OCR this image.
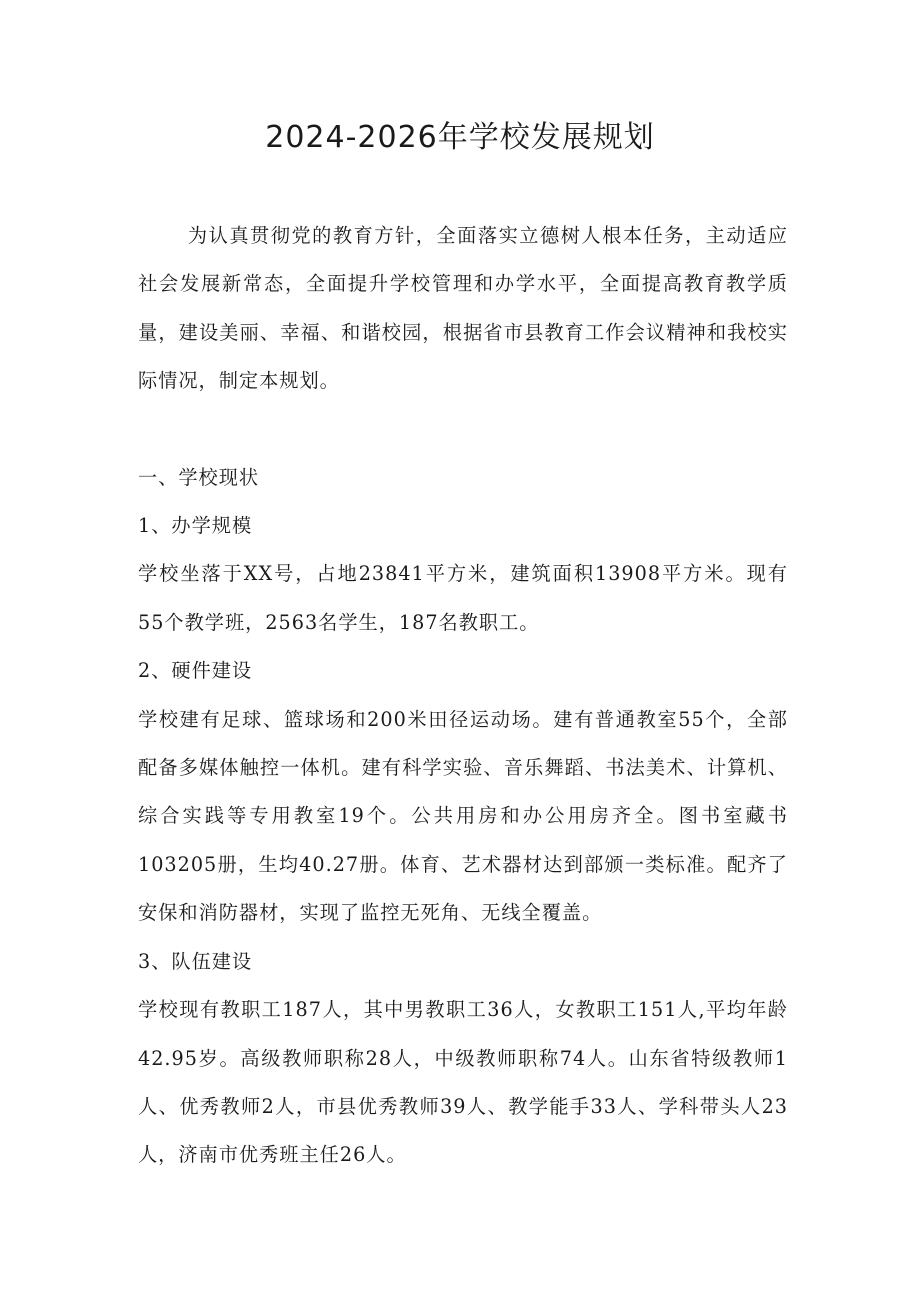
2024-2026年学校发展规划

为认真贯彻党的教育方针，全面落实立德树人根本任务，主动适应社会发展新常态，全面提升学校管理和办学水平，全面提高教育教学质量，建设美丽、幸福、和谐校园，根据省市县教育工作会议精神和我校实际情况，制定本规划。

一、学校现状

1、办学规模

学校坐落于XX号，占地23841平方米，建筑面积13908平方米。现有55个教学班，2563名学生，187名教职工。

2、硬件建设

学校建有足球、篮球场和200米田径运动场。建有普通教室55个，全部配备多媒体触控一体机。建有科学实验、音乐舞蹈、书法美术、计算机、综合实践等专用教室19个。公共用房和办公用房齐全。图书室藏书103205册，生均40.27册。体育、艺术器材达到部颁一类标准。配齐了安保和消防器材，实现了监控无死角、无线全覆盖。

3、队伍建设

学校现有教职工187人，其中男教职工36人，女教职工151人,平均年龄42.95岁。高级教师职称28人，中级教师职称74人。山东省特级教师1人、优秀教师2人，市县优秀教师39人、教学能手33人、学科带头人23人，济南市优秀班主任26人。
